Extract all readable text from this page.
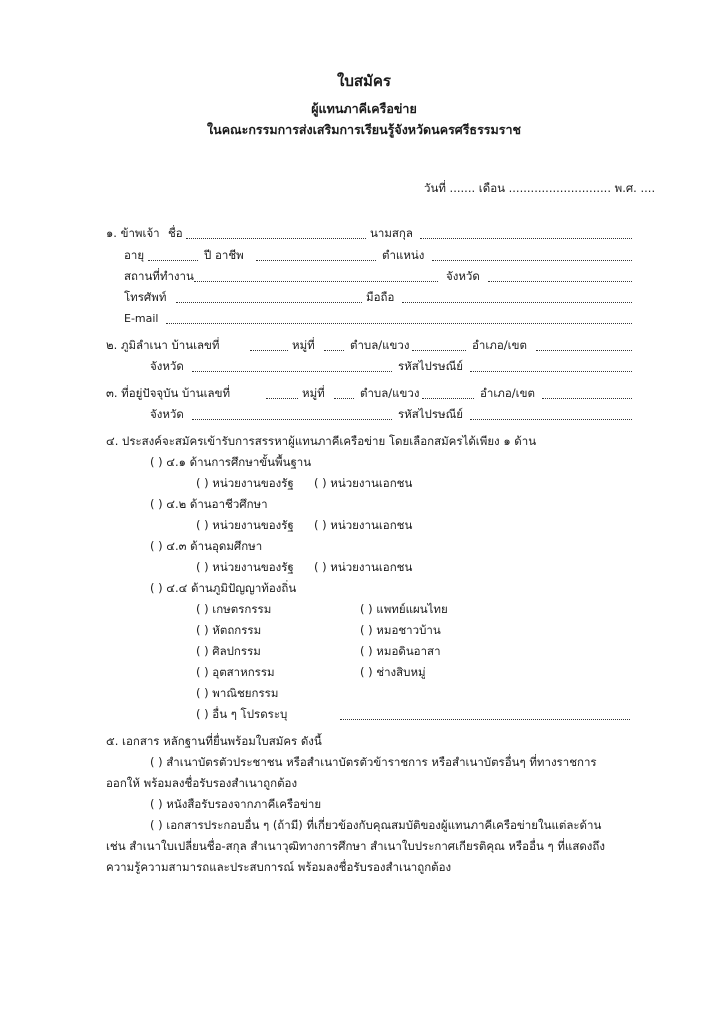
ใบสมัคร
ผู้แทนภาคีเครือข่าย
ในคณะกรรมการส่งเสริมการเรียนรู้จังหวัดนครศรีธรรมราช
วันที่ ....... เดือน ............................ พ.ศ. ....
๑. ข้าพเจ้า ชื่อ	นามสกุล
อายุ	ปี อาชีพ	ตำแหน่ง
สถานที่ทำงาน	จังหวัด
โทรศัพท์	มือถือ
E-mail
๒. ภูมิลำเนา บ้านเลขที่	หมู่ที่	ตำบล/แขวง	อำเภอ/เขต
จังหวัด	รหัสไปรษณีย์
๓. ที่อยู่ปัจจุบัน บ้านเลขที่	หมู่ที่	ตำบล/แขวง	อำเภอ/เขต
จังหวัด	รหัสไปรษณีย์
๔. ประสงค์จะสมัครเข้ารับการสรรหาผู้แทนภาคีเครือข่าย โดยเลือกสมัครได้เพียง ๑ ด้าน
( ) ๔.๑ ด้านการศึกษาขั้นพื้นฐาน
( ) หน่วยงานของรัฐ ( ) หน่วยงานเอกชน
( ) ๔.๒ ด้านอาชีวศึกษา
( ) หน่วยงานของรัฐ ( ) หน่วยงานเอกชน
( ) ๔.๓ ด้านอุดมศึกษา
( ) หน่วยงานของรัฐ ( ) หน่วยงานเอกชน
( ) ๔.๔ ด้านภูมิปัญญาท้องถิ่น
( ) เกษตรกรรม	( ) แพทย์แผนไทย
( ) หัตถกรรม	( ) หมอชาวบ้าน
( ) ศิลปกรรม	( ) หมอดินอาสา
( ) อุตสาหกรรม	( ) ช่างสิบหมู่
( ) พาณิชยกรรม
( ) อื่น ๆ โปรดระบุ
๕. เอกสาร หลักฐานที่ยื่นพร้อมใบสมัคร ดังนี้
( ) สำเนาบัตรตัวประชาชน หรือสำเนาบัตรตัวข้าราชการ หรือสำเนาบัตรอื่นๆ ที่ทางราชการ
ออกให้ พร้อมลงชื่อรับรองสำเนาถูกต้อง
( ) หนังสือรับรองจากภาคีเครือข่าย
( ) เอกสารประกอบอื่น ๆ (ถ้ามี) ที่เกี่ยวข้องกับคุณสมบัติของผู้แทนภาคีเครือข่ายในแต่ละด้าน
เช่น สำเนาใบเปลี่ยนชื่อ-สกุล สำเนาวุฒิทางการศึกษา สำเนาใบประกาศเกียรติคุณ หรืออื่น ๆ ที่แสดงถึง
ความรู้ความสามารถและประสบการณ์ พร้อมลงชื่อรับรองสำเนาถูกต้อง
